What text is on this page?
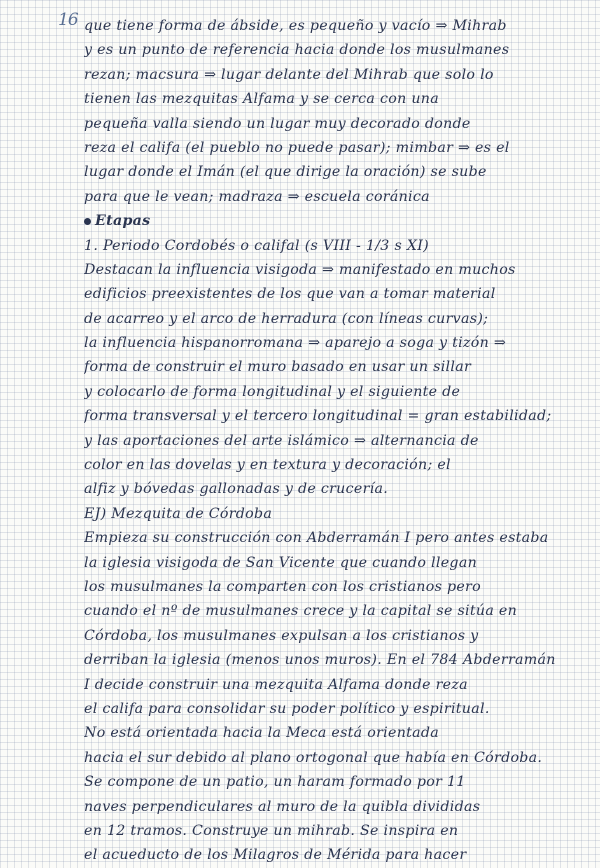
16 que tiene forma de ábside, es pequeño y vacío ⇒ Mihrab
y es un punto de referencia hacia donde los musulmanes
rezan; macsura ⇒ lugar delante del Mihrab que solo lo
tienen las mezquitas Alfama y se cerca con una
pequeña valla siendo un lugar muy decorado donde
reza el califa (el pueblo no puede pasar); mimbar ⇒ es el
lugar donde el Imán (el que dirige la oración) se sube
para que le vean; madraza ⇒ escuela coránica
Etapas
1. Periodo Cordobés o califal (s VIII - 1/3 s XI)
Destacan la influencia visigoda ⇒ manifestado en muchos
edificios preexistentes de los que van a tomar material
de acarreo y el arco de herradura (con líneas curvas);
la influencia hispanorromana ⇒ aparejo a soga y tizón ⇒
forma de construir el muro basado en usar un sillar
y colocarlo de forma longitudinal y el siguiente de
forma transversal y el tercero longitudinal = gran estabilidad;
y las aportaciones del arte islámico ⇒ alternancia de
color en las dovelas y en textura y decoración; el
alfiz y bóvedas gallonadas y de crucería.
EJ) Mezquita de Córdoba
Empieza su construcción con Abderramán I pero antes estaba
la iglesia visigoda de San Vicente que cuando llegan
los musulmanes la comparten con los cristianos pero
cuando el nº de musulmanes crece y la capital se sitúa en
Córdoba, los musulmanes expulsan a los cristianos y
derriban la iglesia (menos unos muros). En el 784 Abderramán
I decide construir una mezquita Alfama donde reza
el califa para consolidar su poder político y espiritual.
No está orientada hacia la Meca está orientada
hacia el sur debido al plano ortogonal que había en Córdoba.
Se compone de un patio, un haram formado por 11
naves perpendiculares al muro de la quibla divididas
en 12 tramos. Construye un mihrab. Se inspira en
el acueducto de los Milagros de Mérida para hacer
